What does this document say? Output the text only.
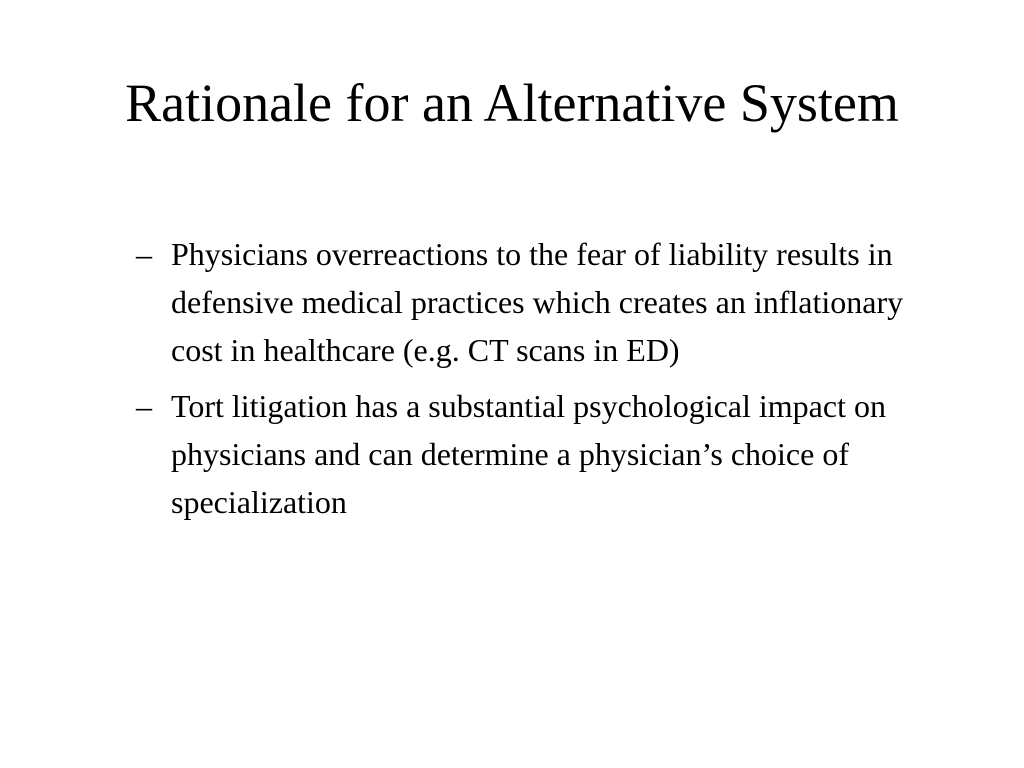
Rationale for an Alternative System
– Physicians overreactions to the fear of liability results in defensive medical practices which creates an inflationary cost in healthcare (e.g. CT scans in ED)
– Tort litigation has a substantial psychological impact on physicians and can determine a physician’s choice of specialization
